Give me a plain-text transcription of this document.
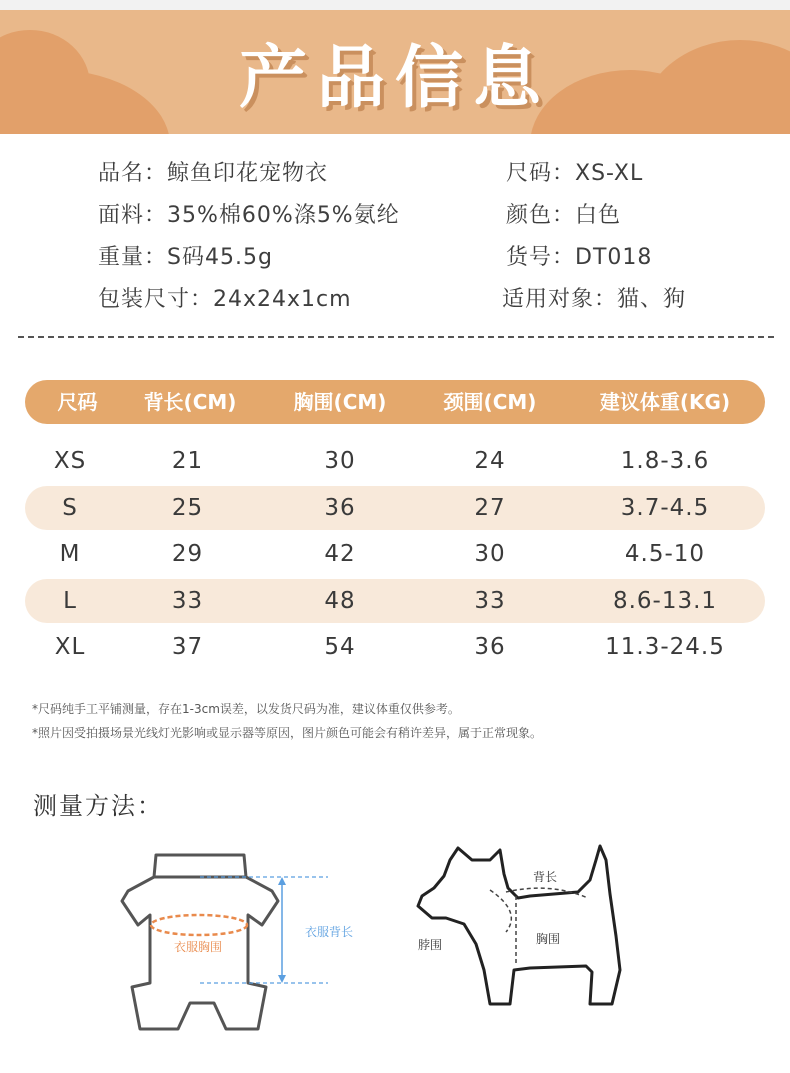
产品信息
品名：鲸鱼印花宠物衣	尺码：XS-XL
面料：35%棉60%涤5%氨纶	颜色：白色
重量：S码45.5g	货号：DT018
包装尺寸：24x24x1cm	适用对象：猫、狗
尺码	背长(CM)	胸围(CM)	颈围(CM)	建议体重(KG)
XS	21	30	24	1.8-3.6
S	25	36	27	3.7-4.5
M	29	42	30	4.5-10
L	33	48	33	8.6-13.1
XL	37	54	36	11.3-24.5
*尺码纯手工平铺测量，存在1-3cm误差，以发货尺码为准，建议体重仅供参考。
*照片因受拍摄场景光线灯光影响或显示器等原因，图片颜色可能会有稍许差异，属于正常现象。
测量方法：
衣服胸围
衣服背长
背长
脖围	胸围
